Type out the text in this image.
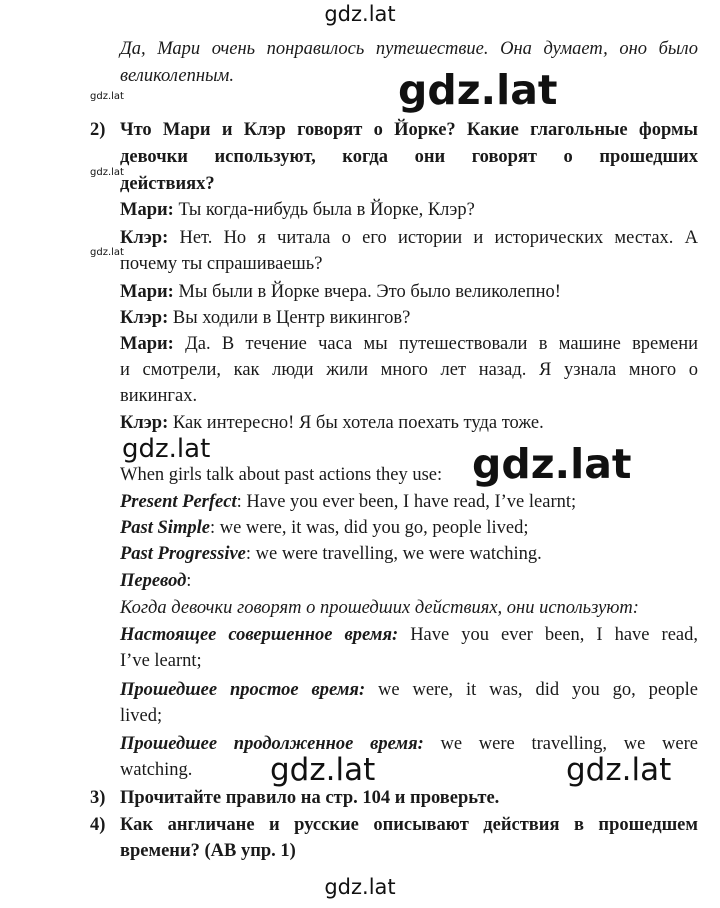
gdz.lat
gdz.lat
gdz.lat
gdz.lat
gdz.lat
gdz.lat	gdz.lat
gdz.lat	gdz.lat
gdz.lat
Да, Мари очень понравилось путешествие. Она думает, оно было
великолепным.
2) Что Мари и Клэр говорят о Йорке? Какие глагольные формы
девочки используют, когда они говорят о прошедших
действиях?
Мари: Ты когда-нибудь была в Йорке, Клэр?
Клэр: Нет. Но я читала о его истории и исторических местах. А
почему ты спрашиваешь?
Мари: Мы были в Йорке вчера. Это было великолепно!
Клэр: Вы ходили в Центр викингов?
Мари: Да. В течение часа мы путешествовали в машине времени
и смотрели, как люди жили много лет назад. Я узнала много о
викингах.
Клэр: Как интересно! Я бы хотела поехать туда тоже.
When girls talk about past actions they use:
Present Perfect: Have you ever been, I have read, I’ve learnt;
Past Simple: we were, it was, did you go, people lived;
Past Progressive: we were travelling, we were watching.
Перевод:
Когда девочки говорят о прошедших действиях, они используют:
Настоящее совершенное время: Have you ever been, I have read,
I’ve learnt;
Прошедшее простое время: we were, it was, did you go, people
lived;
Прошедшее продолженное время: we were travelling, we were
watching.
3) Прочитайте правило на стр. 104 и проверьте.
4) Как англичане и русские описывают действия в прошедшем
времени? (АВ упр. 1)
